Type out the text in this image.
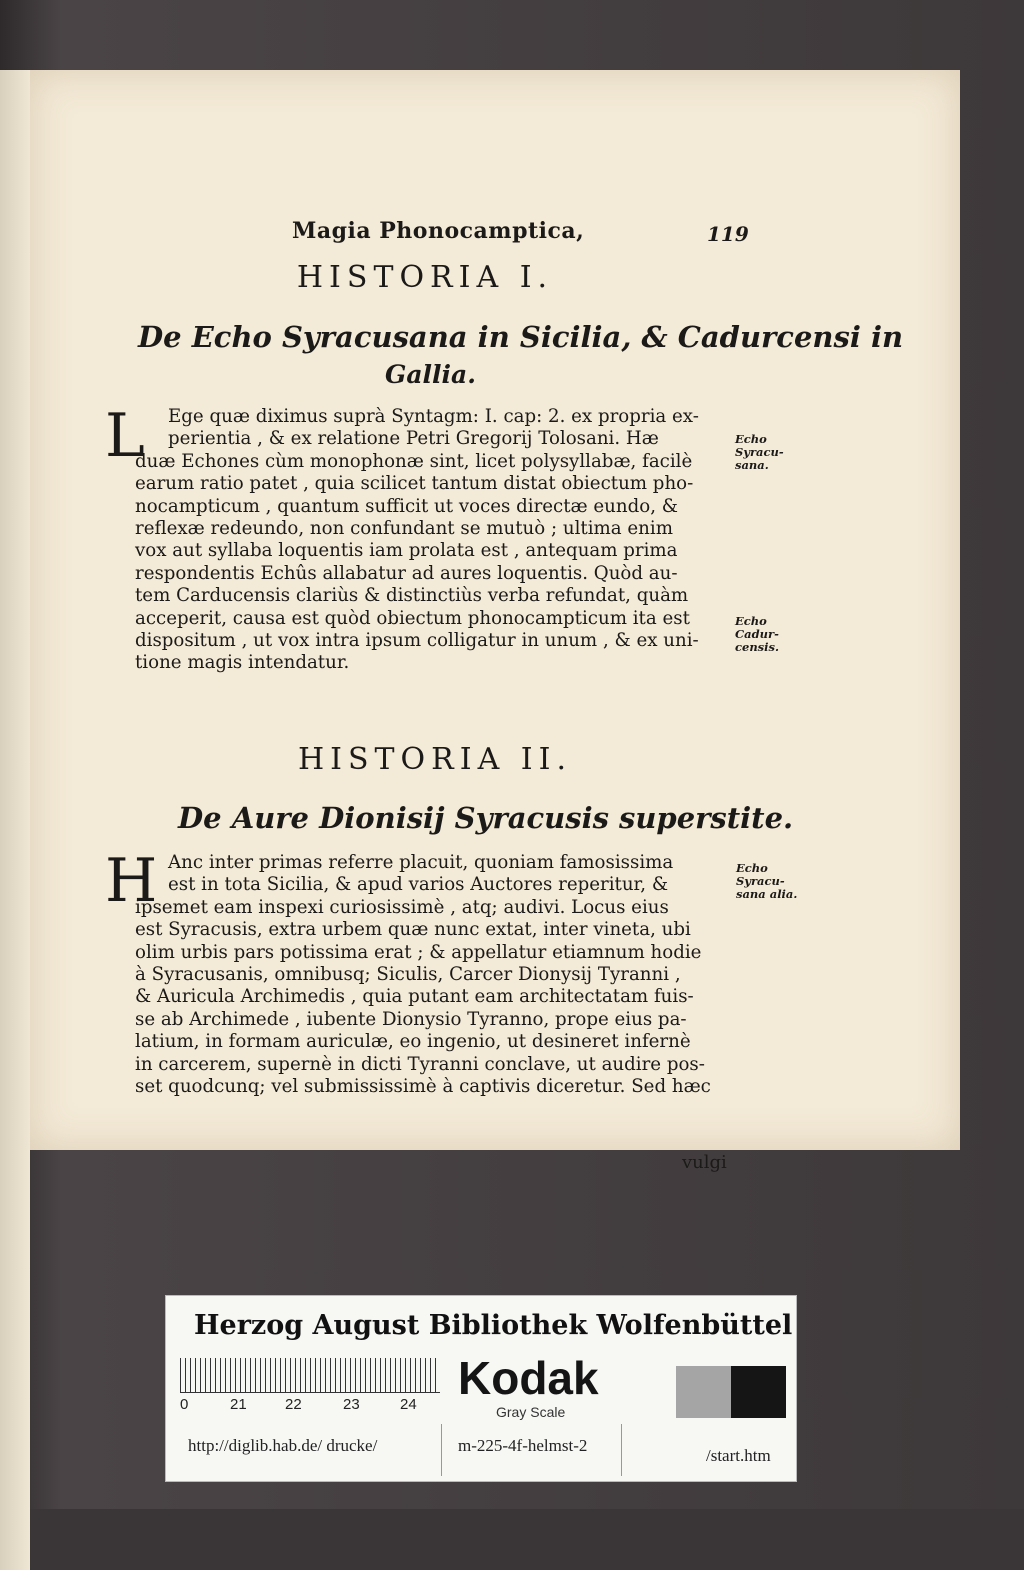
Magia Phonocamptica,	119
HISTORIA I.
De Echo Syracusana in Sicilia, & Cadurcensi in
Gallia.
L	Ege quæ diximus suprà Syntagm: I. cap: 2. ex propria ex-
perientia , & ex relatione Petri Gregorij Tolosani. Hæ
duæ Echones cùm monophonæ sint, licet polysyllabæ, facilè
earum ratio patet , quia scilicet tantum distat obiectum pho-
nocampticum , quantum sufficit ut voces directæ eundo, &
reflexæ redeundo, non confundant se mutuò ; ultima enim
vox aut syllaba loquentis iam prolata est , antequam prima
respondentis Echûs allabatur ad aures loquentis. Quòd au-
tem Carducensis clariùs & distinctiùs verba refundat, quàm
acceperit, causa est quòd obiectum phonocampticum ita est
dispositum , ut vox intra ipsum colligatur in unum , & ex uni-
tione magis intendatur.
Echo Syracu-sana.
Echo Cadur-censis.
HISTORIA II.
De Aure Dionisij Syracusis superstite.
H Anc inter primas referre placuit, quoniam famosissima
est in tota Sicilia, & apud varios Auctores reperitur, &
ipsemet eam inspexi curiosissimè , atq; audivi. Locus eius
est Syracusis, extra urbem quæ nunc extat, inter vineta, ubi
olim urbis pars potissima erat ; & appellatur etiamnum hodie
à Syracusanis, omnibusq; Siculis, Carcer Dionysij Tyranni ,
& Auricula Archimedis , quia putant eam architectatam fuis-
se ab Archimede , iubente Dionysio Tyranno, prope eius pa-
latium, in formam auriculæ, eo ingenio, ut desineret infernè
in carcerem, supernè in dicti Tyranni conclave, ut audire pos-
set quodcunq; vel submississimè à captivis diceretur. Sed hæc
Echo Syracu-sana alia.
vulgi
Herzog August Bibliothek Wolfenbüttel
0	21	22	23	24
Kodak
Gray Scale
http://diglib.hab.de/ drucke/	m-225-4f-helmst-2
/start.htm
